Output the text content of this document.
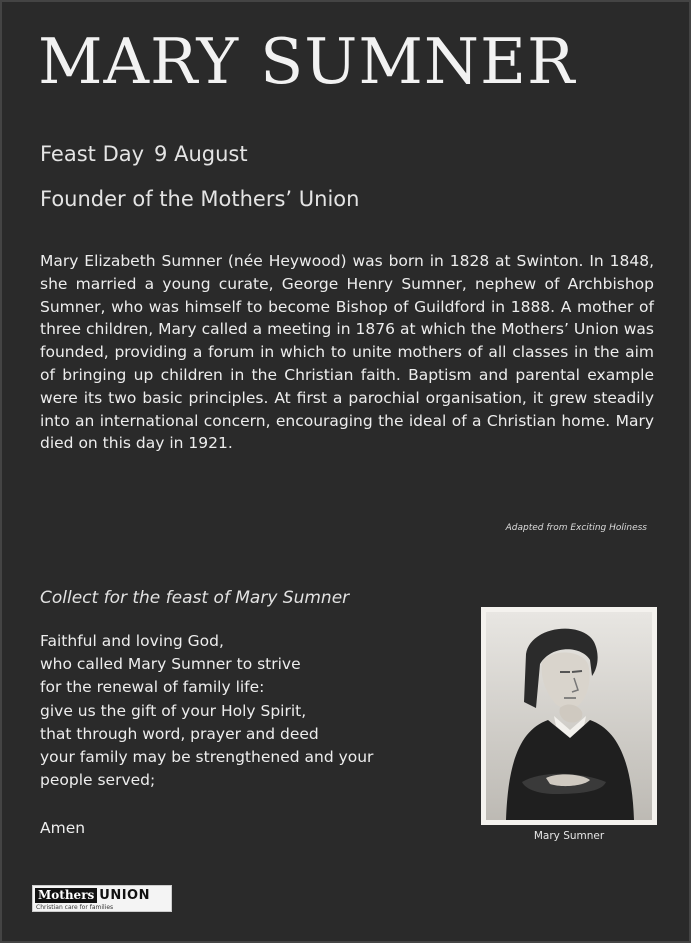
MARY SUMNER
Feast Day 9 August
Founder of the Mothers’ Union

Mary Elizabeth Sumner (née Heywood) was born in 1828 at Swinton. In 1848, she married a young curate, George Henry Sumner, nephew of Archbishop Sumner, who was himself to become Bishop of Guildford in 1888. A mother of three children, Mary called a meeting in 1876 at which the Mothers’ Union was founded, providing a forum in which to unite mothers of all classes in the aim of bringing up children in the Christian faith. Baptism and parental example were its two basic principles. At first a parochial organisation, it grew steadily into an international concern, encouraging the ideal of a Christian home. Mary died on this day in 1921.

Adapted from Exciting Holiness
Collect for the feast of Mary Sumner
Faithful and loving God,
who called Mary Sumner to strive
for the renewal of family life:
give us the gift of your Holy Spirit,
that through word, prayer and deed
your family may be strengthened and your
people served;
Amen	Mary Sumner
Mothers UNION
Christian care for families
